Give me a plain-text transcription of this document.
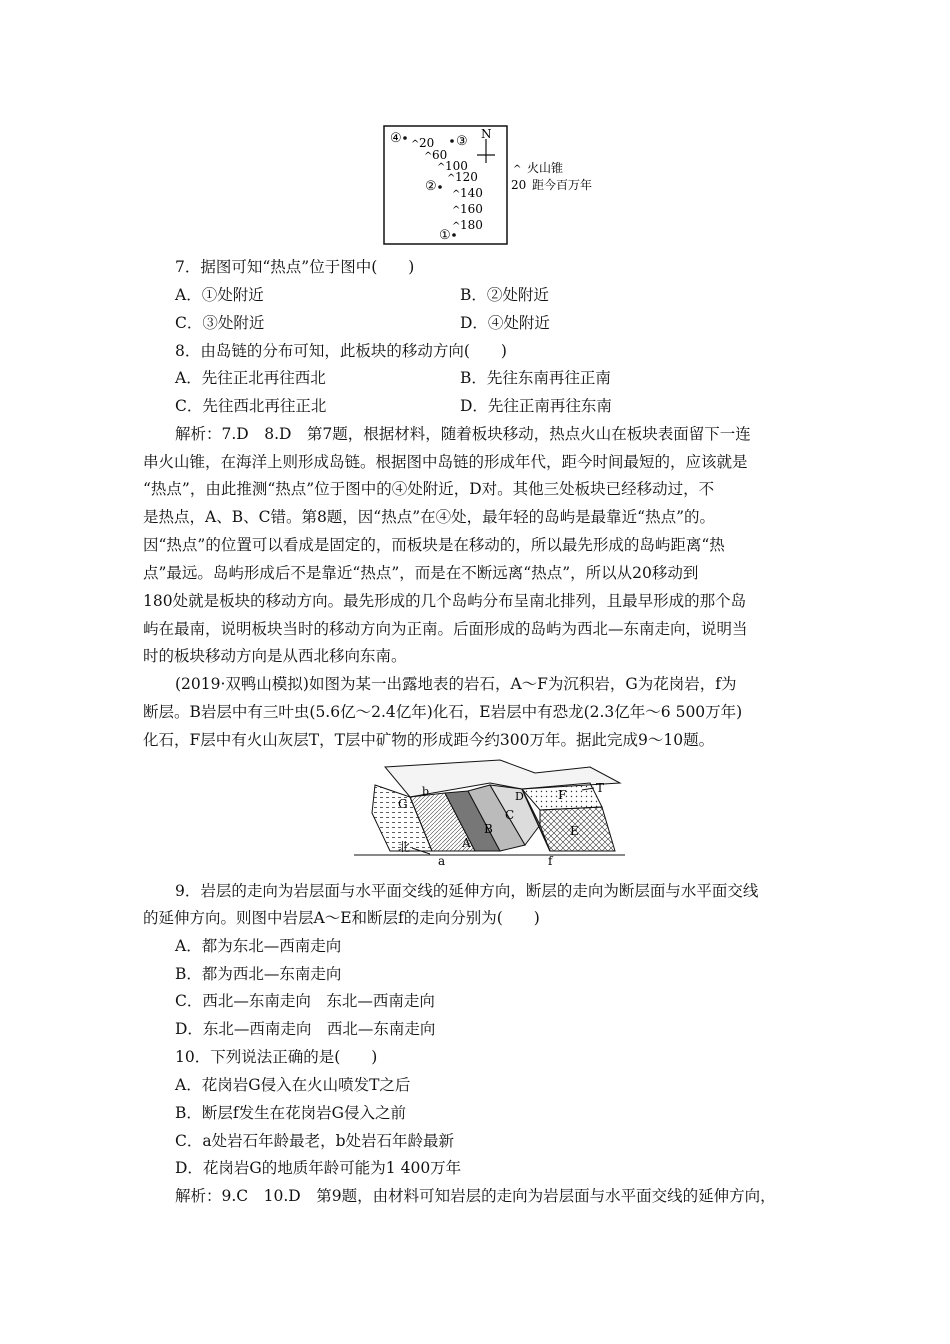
N
④	③
②
①
^ 20
^ 60
^ 100
^ 120
^ 140
^ 160
^ 180
^ 火山锥
20 距今百万年
7．据图可知“热点”位于图中(　　)
A．①处附近	B．②处附近
C．③处附近	D．④处附近
8．由岛链的分布可知，此板块的移动方向(　　)
A．先往正北再往西北	B．先往东南再往正南
C．先往西北再往正北	D．先往正南再往东南
解析：7.D　8.D　第7题，根据材料，随着板块移动，热点火山在板块表面留下一连
串火山锥，在海洋上则形成岛链。根据图中岛链的形成年代，距今时间最短的，应该就是
“热点”，由此推测“热点”位于图中的④处附近，D对。其他三处板块已经移动过，不
是热点，A、B、C错。第8题，因“热点”在④处，最年轻的岛屿是最靠近“热点”的。
因“热点”的位置可以看成是固定的，而板块是在移动的，所以最先形成的岛屿距离“热
点”最远。岛屿形成后不是靠近“热点”，而是在不断远离“热点”，所以从20移动到
180处就是板块的移动方向。最先形成的几个岛屿分布呈南北排列，且最早形成的那个岛
屿在最南，说明板块当时的移动方向为正南。后面形成的岛屿为西北—东南走向，说明当
时的板块移动方向是从西北移向东南。
(2019·双鸭山模拟)如图为某一出露地表的岩石，A～F为沉积岩，G为花岗岩，f为
断层。B岩层中有三叶虫(5.6亿～2.4亿年)化石，E岩层中有恐龙(2.3亿年～6 500万年)
化石，F层中有火山灰层T，T层中矿物的形成距今约300万年。据此完成9～10题。
G
b	D
C
B
A
F
E
T
北
a	f
9．岩层的走向为岩层面与水平面交线的延伸方向，断层的走向为断层面与水平面交线
的延伸方向。则图中岩层A～E和断层f的走向分别为(　　)
A．都为东北—西南走向
B．都为西北—东南走向
C．西北—东南走向　东北—西南走向
D．东北—西南走向　西北—东南走向
10．下列说法正确的是(　　)
A．花岗岩G侵入在火山喷发T之后
B．断层f发生在花岗岩G侵入之前
C．a处岩石年龄最老，b处岩石年龄最新
D．花岗岩G的地质年龄可能为1 400万年
解析：9.C　10.D　第9题，由材料可知岩层的走向为岩层面与水平面交线的延伸方向，
